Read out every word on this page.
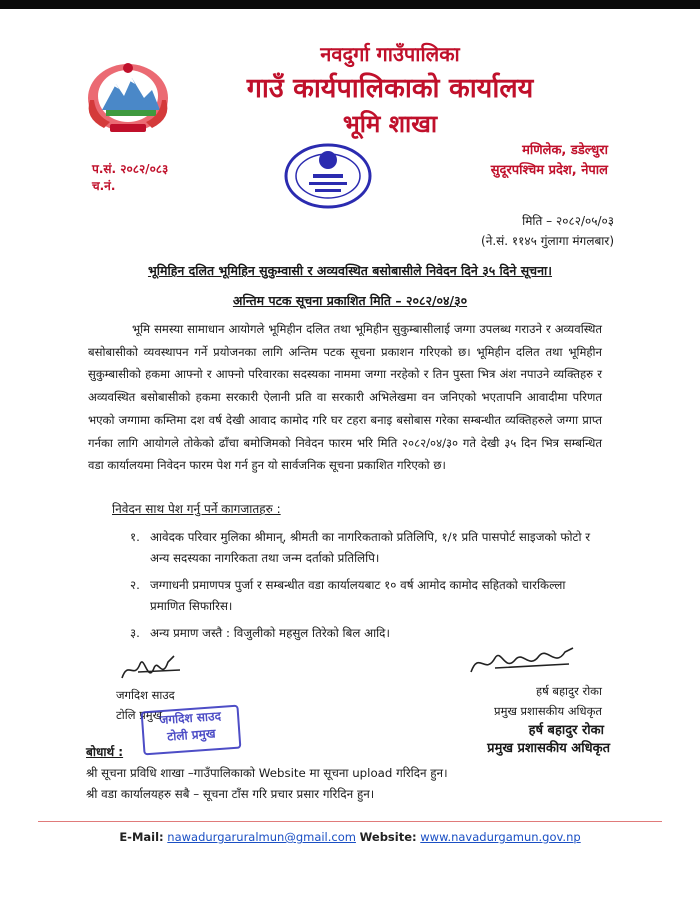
नवदुर्गा गाउँपालिका
गाउँ कार्यपालिकाको कार्यालय
भूमि शाखा
मणिलेक, डडेल्धुरा
सुदूरपश्चिम प्रदेश, नेपाल
प.सं. २०८२/०८३
च.नं.
मिति – २०८२/०५/०३
(ने.सं. ११४५ गुंलागा मंगलबार)
भूमिहिन दलित भूमिहिन सुकुम्वासी र अव्यवस्थित बसोबासीले निवेदन दिने ३५ दिने सूचना।
अन्तिम पटक सूचना प्रकाशित मिति – २०८२/०४/३०
भूमि समस्या सामाधान आयोगले भूमिहीन दलित तथा भूमिहीन सुकुम्बासीलाई जग्गा उपलब्ध गराउने र अव्यवस्थित बसोबासीको व्यवस्थापन गर्ने प्रयोजनका लागि अन्तिम पटक सूचना प्रकाशन गरिएको छ। भूमिहीन दलित तथा भूमिहीन सुकुम्बासीको हकमा आफ्नो र आफ्नो परिवारका सदस्यका नाममा जग्गा नरहेको र तिन पुस्ता भित्र अंश नपाउने व्यक्तिहरु र अव्यवस्थित बसोबासीको हकमा सरकारी ऐलानी प्रति वा सरकारी अभिलेखमा वन जनिएको भएतापनि आवादीमा परिणत भएको जग्गामा कम्तिमा दश वर्ष देखी आवाद कामोद गरि घर टहरा बनाइ बसोबास गरेका सम्बन्धीत व्यक्तिहरुले जग्गा प्राप्त गर्नका लागि आयोगले तोकेको ढाँचा बमोजिमको निवेदन फारम भरि मिति २०८२/०४/३० गते देखी ३५ दिन भित्र सम्बन्धित वडा कार्यालयमा निवेदन फारम पेश गर्न हुन यो सार्वजनिक सूचना प्रकाशित गरिएको छ।
निवेदन साथ पेश गर्नु पर्ने कागजातहरु :
१. आवेदक परिवार मुलिका श्रीमान्, श्रीमती का नागरिकताको प्रतिलिपि, १/१ प्रति पासपोर्ट साइजको फोटो र अन्य सदस्यका नागरिकता तथा जन्म दर्ताको प्रतिलिपि।
२. जग्गाधनी प्रमाणपत्र पुर्जा र सम्बन्धीत वडा कार्यालयबाट १० वर्ष आमोद कामोद सहितको चारकिल्ला प्रमाणित सिफारिस।
३. अन्य प्रमाण जस्तै : विजुलीको महसुल तिरेको बिल आदि।
जगदिश साउद
टोलि प्रमुख
जगदिश साउद
टोली प्रमुख
हर्ष बहादुर रोका
प्रमुख प्रशासकीय अधिकृत
हर्ष बहादुर रोका
प्रमुख प्रशासकीय अधिकृत
बोधार्थ :
श्री सूचना प्रविधि शाखा –गाउँपालिकाको Website मा सूचना upload गरिदिन हुन।
श्री वडा कार्यालयहरु सबै – सूचना टाँस गरि प्रचार प्रसार गरिदिन हुन।
E-Mail: nawadurgaruralmun@gmail.com Website: www.navadurgamun.gov.np
